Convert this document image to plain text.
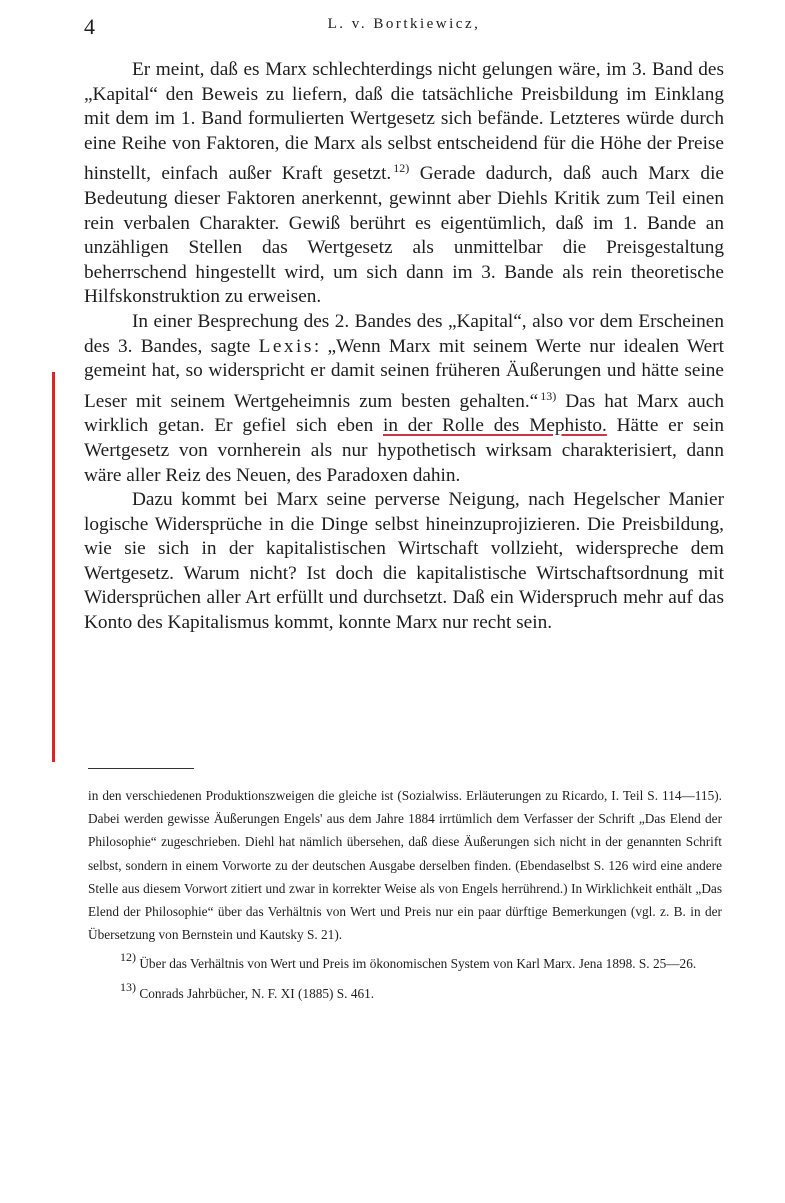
4	L. v. Bortkiewicz,

Er meint, daß es Marx schlechterdings nicht gelungen wäre, im 3. Band des „Kapital“ den Beweis zu liefern, daß die tatsächliche Preisbildung im Einklang mit dem im 1. Band formulierten Wertgesetz sich befände. Letzteres würde durch eine Reihe von Faktoren, die Marx als selbst entscheidend für die Höhe der Preise hinstellt, einfach außer Kraft gesetzt. $^{12)}$ Gerade dadurch, daß auch Marx die Bedeutung dieser Faktoren anerkennt, gewinnt aber Diehls Kritik zum Teil einen rein verbalen Charakter. Gewiß berührt es eigentümlich, daß im 1. Bande an unzähligen Stellen das Wertgesetz als unmittelbar die Preisgestaltung beherrschend hingestellt wird, um sich dann im 3. Bande als rein theoretische Hilfskonstruktion zu erweisen.

In einer Besprechung des 2. Bandes des „Kapital“, also vor dem Erscheinen des 3. Bandes, sagte Lexis: „Wenn Marx mit seinem Werte nur idealen Wert gemeint hat, so widerspricht er damit seinen früheren Äußerungen und hätte seine Leser mit seinem Wertgeheimnis zum besten gehalten.“ $^{13)}$ Das hat Marx auch wirklich getan. Er gefiel sich eben in der Rolle des Mephisto. Hätte er sein Wertgesetz von vornherein als nur hypothetisch wirksam charakterisiert, dann wäre aller Reiz des Neuen, des Paradoxen dahin.

Dazu kommt bei Marx seine perverse Neigung, nach Hegelscher Manier logische Widersprüche in die Dinge selbst hineinzuprojizieren. Die Preisbildung, wie sie sich in der kapitalistischen Wirtschaft vollzieht, widerspreche dem Wertgesetz. Warum nicht? Ist doch die kapitalistische Wirtschaftsordnung mit Widersprüchen aller Art erfüllt und durchsetzt. Daß ein Widerspruch mehr auf das Konto des Kapitalismus kommt, konnte Marx nur recht sein.

in den verschiedenen Produktionszweigen die gleiche ist (Sozialwiss. Erläuterungen zu Ricardo, I. Teil S. 114—115). Dabei werden gewisse Äußerungen Engels' aus dem Jahre 1884 irrtümlich dem Verfasser der Schrift „Das Elend der Philosophie“ zugeschrieben. Diehl hat nämlich übersehen, daß diese Äußerungen sich nicht in der genannten Schrift selbst, sondern in einem Vorworte zu der deutschen Ausgabe derselben finden. (Ebendaselbst S. 126 wird eine andere Stelle aus diesem Vorwort zitiert und zwar in korrekter Weise als von Engels herrührend.) In Wirklichkeit enthält „Das Elend der Philosophie“ über das Verhältnis von Wert und Preis nur ein paar dürftige Bemerkungen (vgl. z. B. in der Übersetzung von Bernstein und Kautsky S. 21).

12) Über das Verhältnis von Wert und Preis im ökonomischen System von Karl Marx. Jena 1898. S. 25—26.

13) Conrads Jahrbücher, N. F. XI (1885) S. 461.
